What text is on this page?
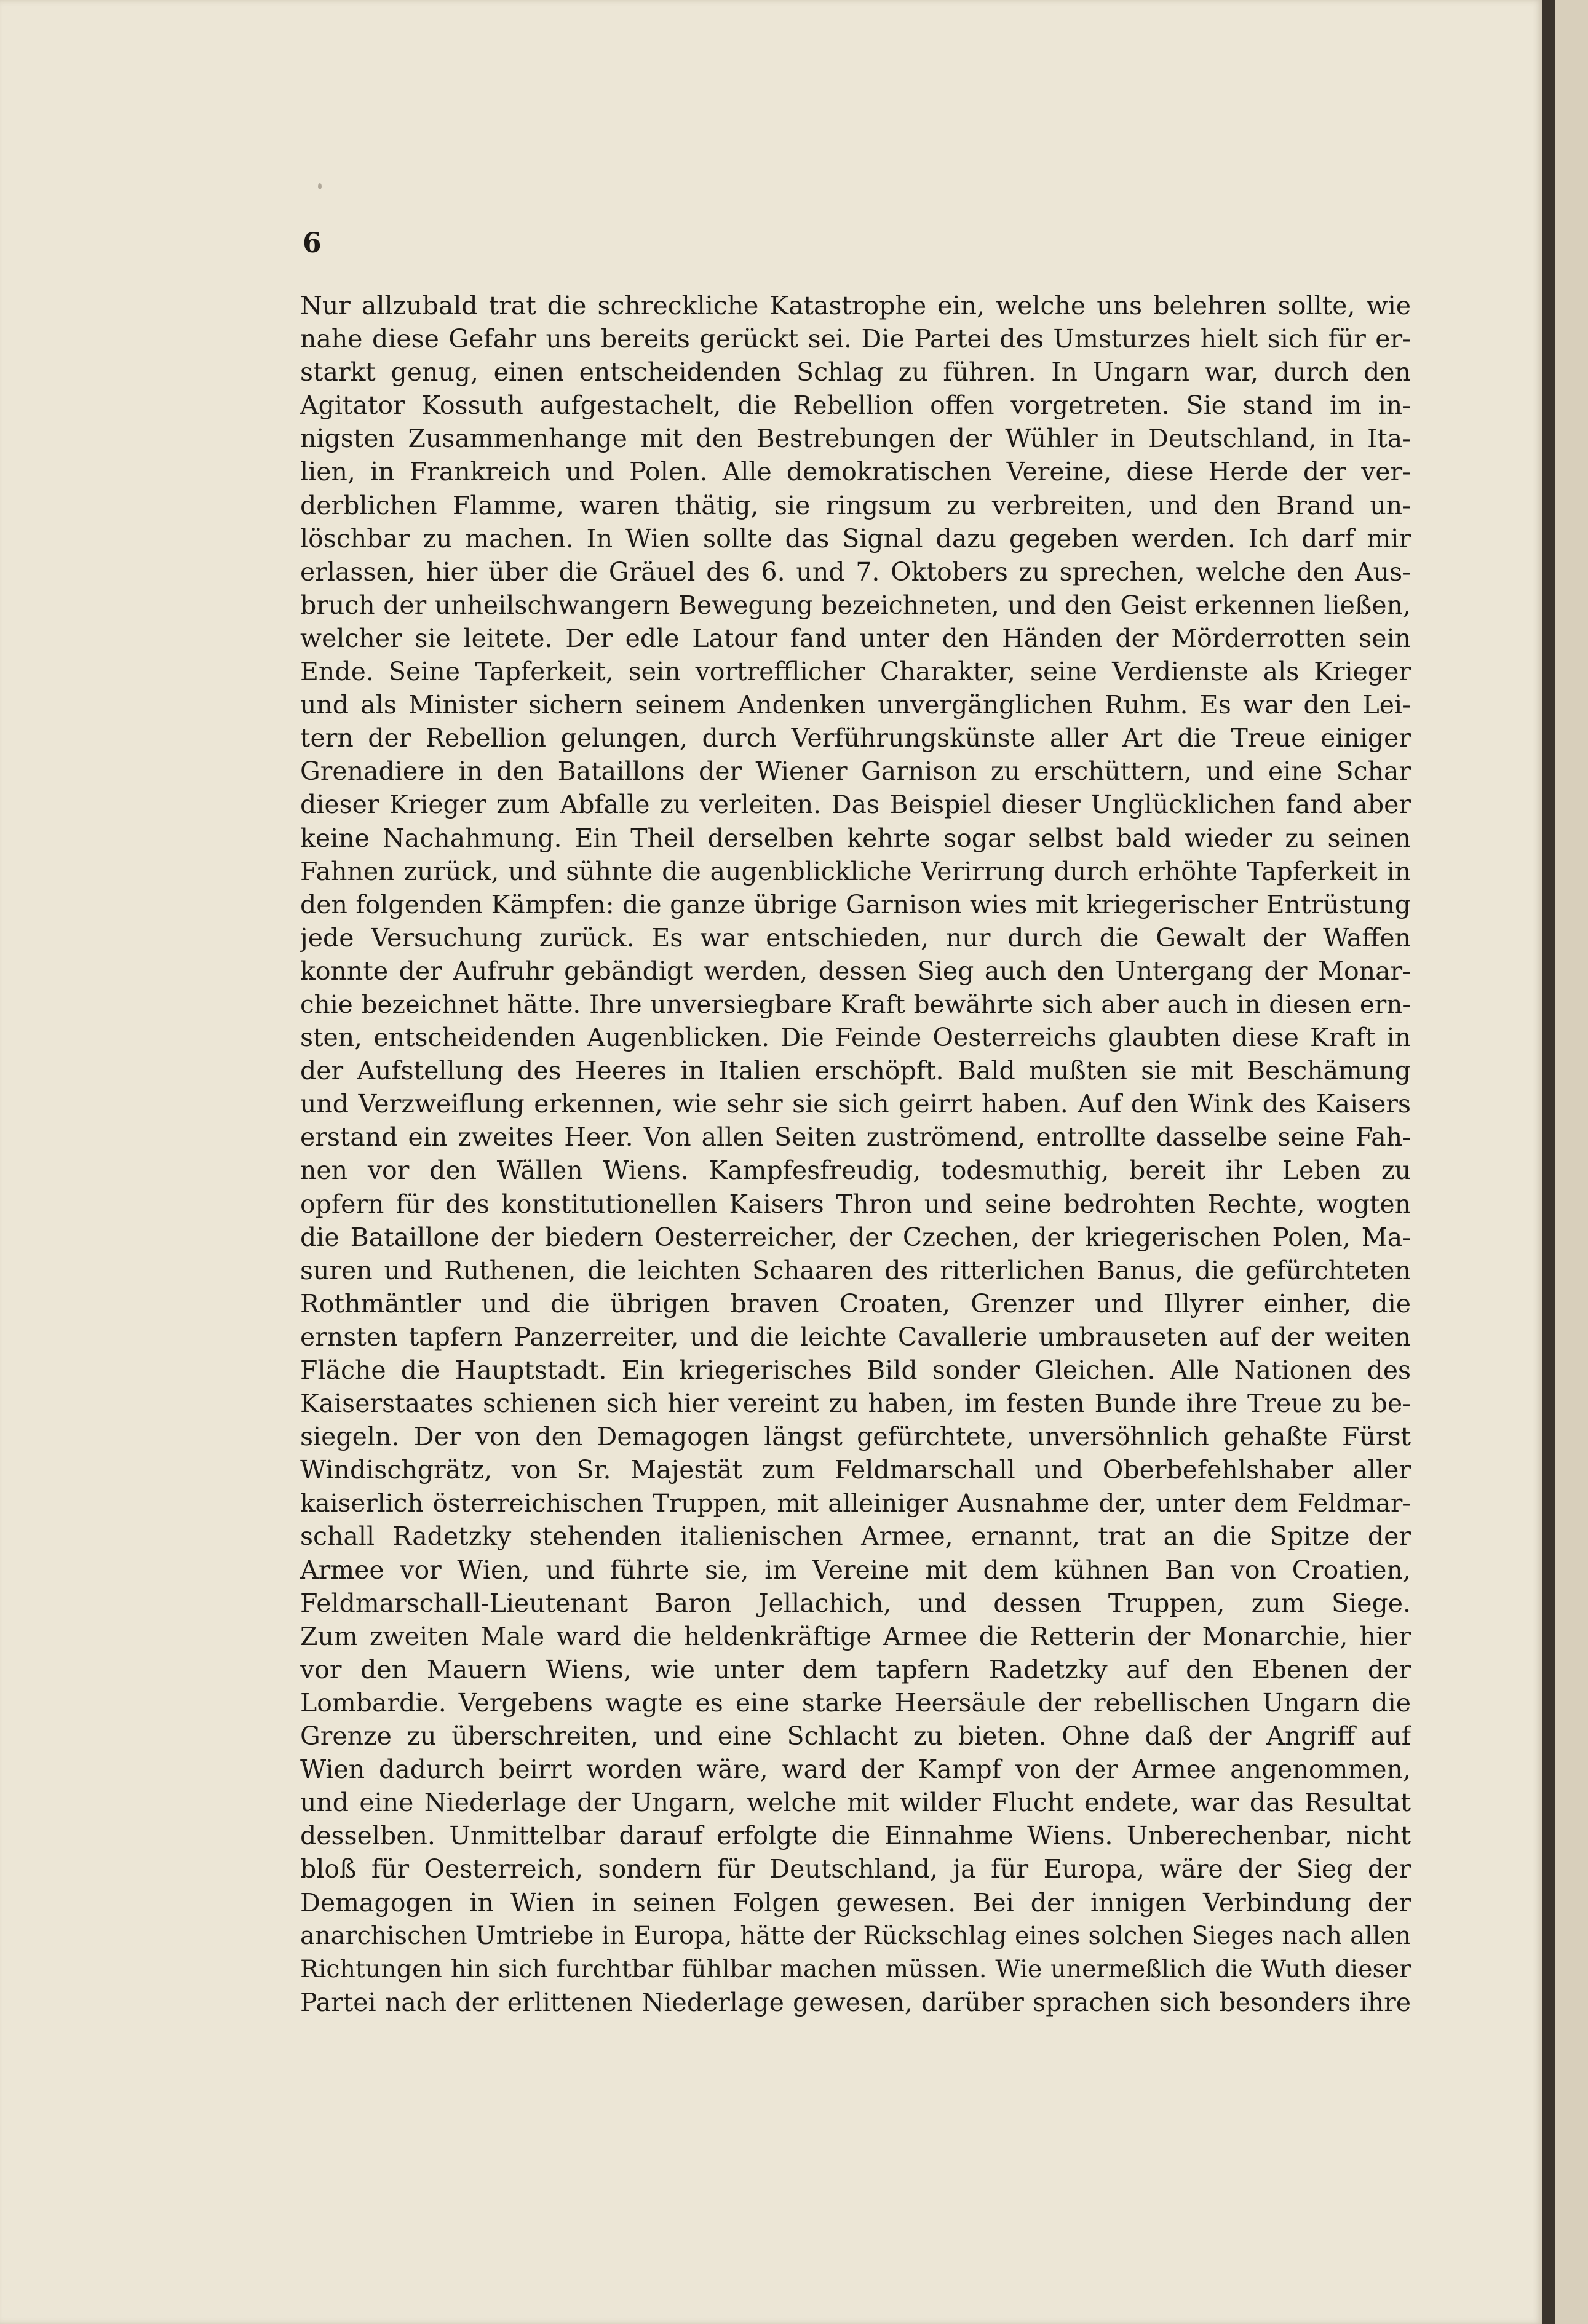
6
Nur allzubald trat die schreckliche Katastrophe ein, welche uns belehren sollte, wie
nahe diese Gefahr uns bereits gerückt sei. Die Partei des Umsturzes hielt sich für er-
starkt genug, einen entscheidenden Schlag zu führen. In Ungarn war, durch den
Agitator Kossuth aufgestachelt, die Rebellion offen vorgetreten. Sie stand im in-
nigsten Zusammenhange mit den Bestrebungen der Wühler in Deutschland, in Ita-
lien, in Frankreich und Polen. Alle demokratischen Vereine, diese Herde der ver-
derblichen Flamme, waren thätig, sie ringsum zu verbreiten, und den Brand un-
löschbar zu machen. In Wien sollte das Signal dazu gegeben werden. Ich darf mir
erlassen, hier über die Gräuel des 6. und 7. Oktobers zu sprechen, welche den Aus-
bruch der unheilschwangern Bewegung bezeichneten, und den Geist erkennen ließen,
welcher sie leitete. Der edle Latour fand unter den Händen der Mörderrotten sein
Ende. Seine Tapferkeit, sein vortrefflicher Charakter, seine Verdienste als Krieger
und als Minister sichern seinem Andenken unvergänglichen Ruhm. Es war den Lei-
tern der Rebellion gelungen, durch Verführungskünste aller Art die Treue einiger
Grenadiere in den Bataillons der Wiener Garnison zu erschüttern, und eine Schar
dieser Krieger zum Abfalle zu verleiten. Das Beispiel dieser Unglücklichen fand aber
keine Nachahmung. Ein Theil derselben kehrte sogar selbst bald wieder zu seinen
Fahnen zurück, und sühnte die augenblickliche Verirrung durch erhöhte Tapferkeit in
den folgenden Kämpfen: die ganze übrige Garnison wies mit kriegerischer Entrüstung
jede Versuchung zurück. Es war entschieden, nur durch die Gewalt der Waffen
konnte der Aufruhr gebändigt werden, dessen Sieg auch den Untergang der Monar-
chie bezeichnet hätte. Ihre unversiegbare Kraft bewährte sich aber auch in diesen ern-
sten, entscheidenden Augenblicken. Die Feinde Oesterreichs glaubten diese Kraft in
der Aufstellung des Heeres in Italien erschöpft. Bald mußten sie mit Beschämung
und Verzweiflung erkennen, wie sehr sie sich geirrt haben. Auf den Wink des Kaisers
erstand ein zweites Heer. Von allen Seiten zuströmend, entrollte dasselbe seine Fah-
nen vor den Wällen Wiens. Kampfesfreudig, todesmuthig, bereit ihr Leben zu
opfern für des konstitutionellen Kaisers Thron und seine bedrohten Rechte, wogten
die Bataillone der biedern Oesterreicher, der Czechen, der kriegerischen Polen, Ma-
suren und Ruthenen, die leichten Schaaren des ritterlichen Banus, die gefürchteten
Rothmäntler und die übrigen braven Croaten, Grenzer und Illyrer einher, die
ernsten tapfern Panzerreiter, und die leichte Cavallerie umbrauseten auf der weiten
Fläche die Hauptstadt. Ein kriegerisches Bild sonder Gleichen. Alle Nationen des
Kaiserstaates schienen sich hier vereint zu haben, im festen Bunde ihre Treue zu be-
siegeln. Der von den Demagogen längst gefürchtete, unversöhnlich gehaßte Fürst
Windischgrätz, von Sr. Majestät zum Feldmarschall und Oberbefehlshaber aller
kaiserlich österreichischen Truppen, mit alleiniger Ausnahme der, unter dem Feldmar-
schall Radetzky stehenden italienischen Armee, ernannt, trat an die Spitze der
Armee vor Wien, und führte sie, im Vereine mit dem kühnen Ban von Croatien,
Feldmarschall-Lieutenant Baron Jellachich, und dessen Truppen, zum Siege.
Zum zweiten Male ward die heldenkräftige Armee die Retterin der Monarchie, hier
vor den Mauern Wiens, wie unter dem tapfern Radetzky auf den Ebenen der
Lombardie. Vergebens wagte es eine starke Heersäule der rebellischen Ungarn die
Grenze zu überschreiten, und eine Schlacht zu bieten. Ohne daß der Angriff auf
Wien dadurch beirrt worden wäre, ward der Kampf von der Armee angenommen,
und eine Niederlage der Ungarn, welche mit wilder Flucht endete, war das Resultat
desselben. Unmittelbar darauf erfolgte die Einnahme Wiens. Unberechenbar, nicht
bloß für Oesterreich, sondern für Deutschland, ja für Europa, wäre der Sieg der
Demagogen in Wien in seinen Folgen gewesen. Bei der innigen Verbindung der
anarchischen Umtriebe in Europa, hätte der Rückschlag eines solchen Sieges nach allen
Richtungen hin sich furchtbar fühlbar machen müssen. Wie unermeßlich die Wuth dieser
Partei nach der erlittenen Niederlage gewesen, darüber sprachen sich besonders ihre
